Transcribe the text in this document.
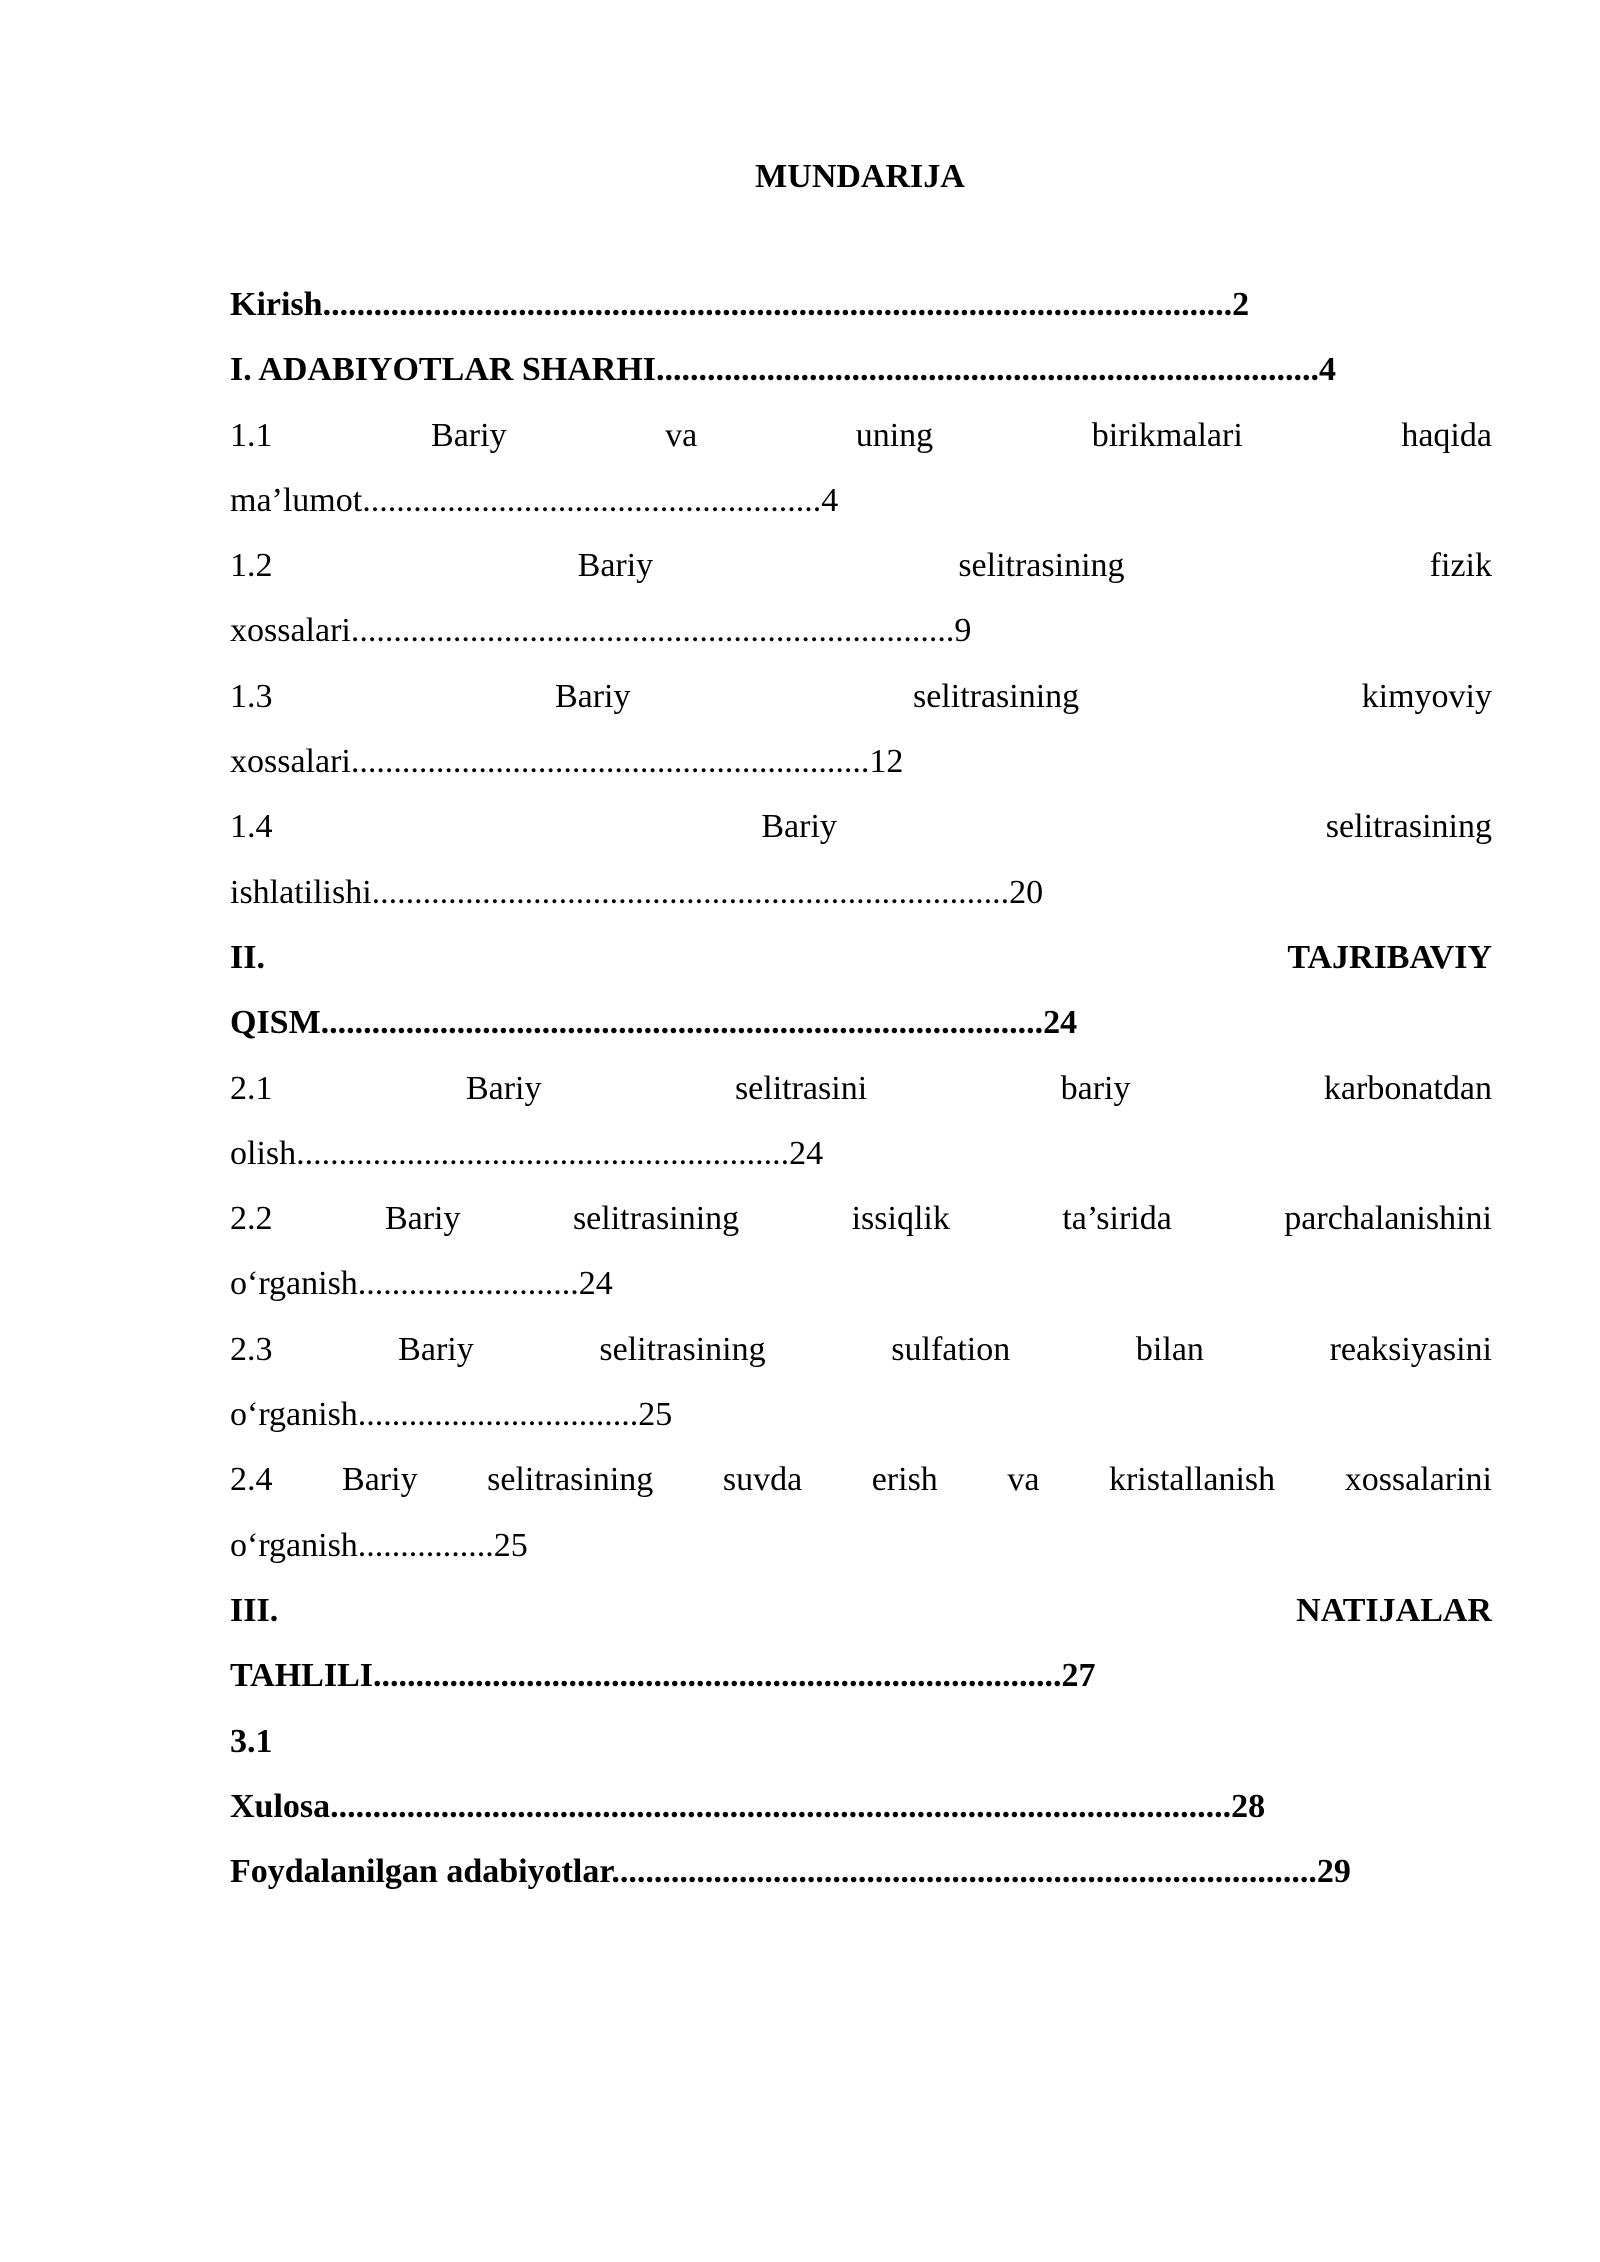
MUNDARIJA
Kirish...........................................................................................................2
I. ADABIYOTLAR SHARHI..............................................................................4
1.1	Bariy	va	uning	birikmalari	haqida
ma’lumot......................................................4
1.2	Bariy	selitrasining	fizik
xossalari.......................................................................9
1.3	Bariy	selitrasining	kimyoviy
xossalari.............................................................12
1.4	Bariy	selitrasining
ishlatilishi...........................................................................20
II.	TAJRIBAVIY
QISM.....................................................................................24
2.1	Bariy	selitrasini	bariy	karbonatdan
olish..........................................................24
2.2	Bariy	selitrasining	issiqlik	ta’sirida	parchalanishini
o‘rganish..........................24
2.3	Bariy	selitrasining	sulfation	bilan	reaksiyasini
o‘rganish.................................25
2.4 Bariy selitrasining suvda erish va kristallanish xossalarini
o‘rganish................25
III.	NATIJALAR
TAHLILI.................................................................................27
3.1
Xulosa..........................................................................................................28
Foydalanilgan adabiyotlar...................................................................................29
